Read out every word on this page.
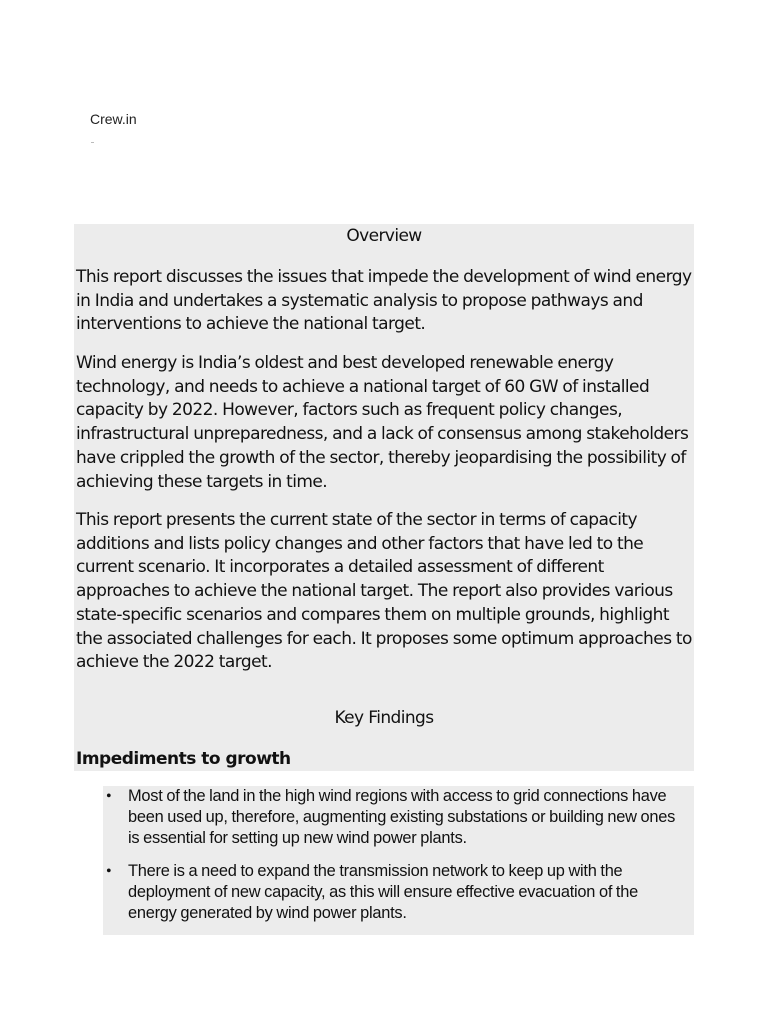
Crew.in
Overview

This report discusses the issues that impede the development of wind energy in India and undertakes a systematic analysis to propose pathways and interventions to achieve the national target.

Wind energy is India’s oldest and best developed renewable energy technology, and needs to achieve a national target of 60 GW of installed capacity by 2022. However, factors such as frequent policy changes, infrastructural unpreparedness, and a lack of consensus among stakeholders have crippled the growth of the sector, thereby jeopardising the possibility of achieving these targets in time.

This report presents the current state of the sector in terms of capacity additions and lists policy changes and other factors that have led to the current scenario. It incorporates a detailed assessment of different approaches to achieve the national target. The report also provides various state-specific scenarios and compares them on multiple grounds, highlight the associated challenges for each. It proposes some optimum approaches to achieve the 2022 target.

Key Findings
Impediments to growth
• Most of the land in the high wind regions with access to grid connections have been used up, therefore, augmenting existing substations or building new ones is essential for setting up new wind power plants.

• There is a need to expand the transmission network to keep up with the deployment of new capacity, as this will ensure effective evacuation of the energy generated by wind power plants.
